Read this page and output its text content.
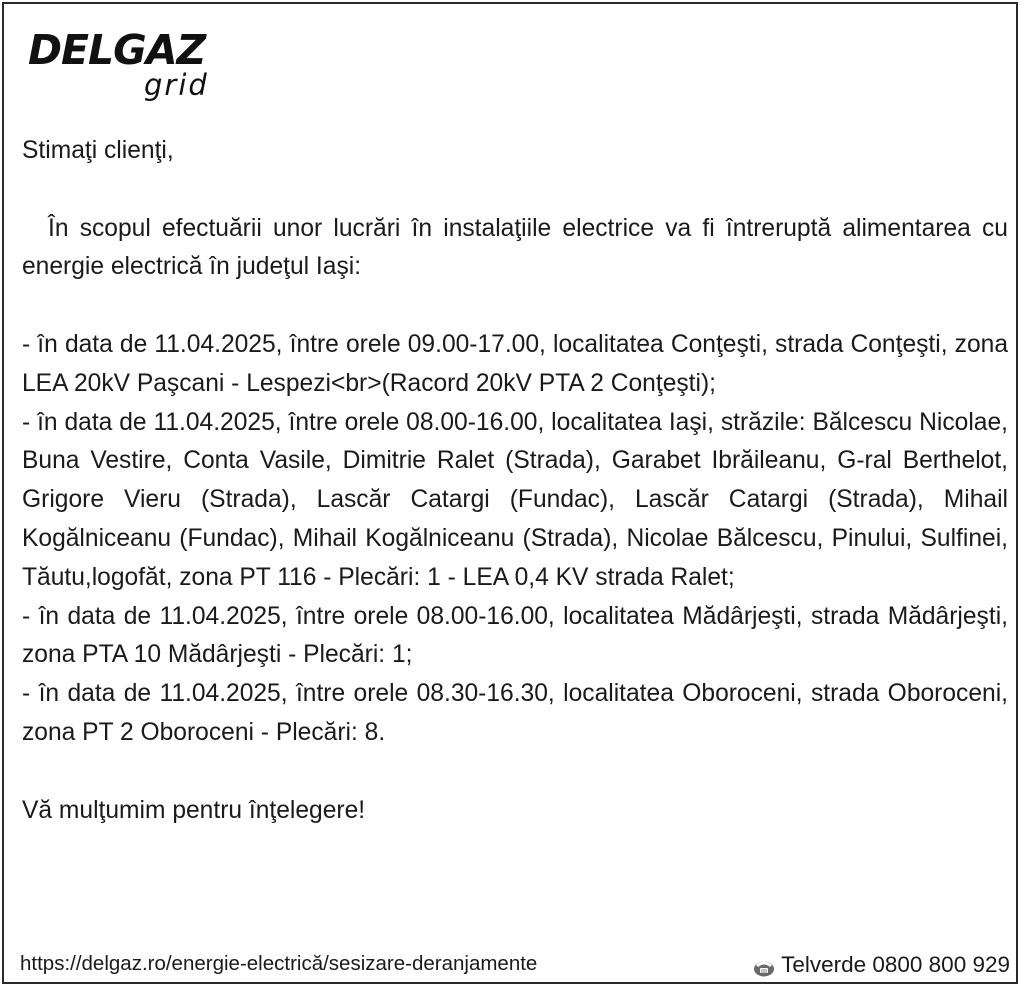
DELGAZ
grid

Stimaţi clienţi,

În scopul efectuării unor lucrări în instalaţiile electrice va fi întreruptă alimentarea cu energie electrică în judeţul Iaşi:

- în data de 11.04.2025, între orele 09.00-17.00, localitatea Conţeşti, strada Conţeşti, zona LEA 20kV Paşcani - Lespezi<br>(Racord 20kV PTA 2 Conţeşti);

- în data de 11.04.2025, între orele 08.00-16.00, localitatea Iaşi, străzile: Bălcescu Nicolae, Buna Vestire, Conta Vasile, Dimitrie Ralet (Strada), Garabet Ibrăileanu, G-ral Berthelot, Grigore Vieru (Strada), Lascăr Catargi (Fundac), Lascăr Catargi (Strada), Mihail Kogălniceanu (Fundac), Mihail Kogălniceanu (Strada), Nicolae Bălcescu, Pinului, Sulfinei, Tăutu,logofăt, zona PT 116 - Plecări: 1 - LEA 0,4 KV strada Ralet;

- în data de 11.04.2025, între orele 08.00-16.00, localitatea Mădârjeşti, strada Mădârjeşti, zona PTA 10 Mădârjeşti - Plecări: 1;

- în data de 11.04.2025, între orele 08.30-16.30, localitatea Oboroceni, strada Oboroceni, zona PT 2 Oboroceni - Plecări: 8.

Vă mulţumim pentru înţelegere!

https://delgaz.ro/energie-electrică/sesizare-deranjamente	Telverde 0800 800 929
